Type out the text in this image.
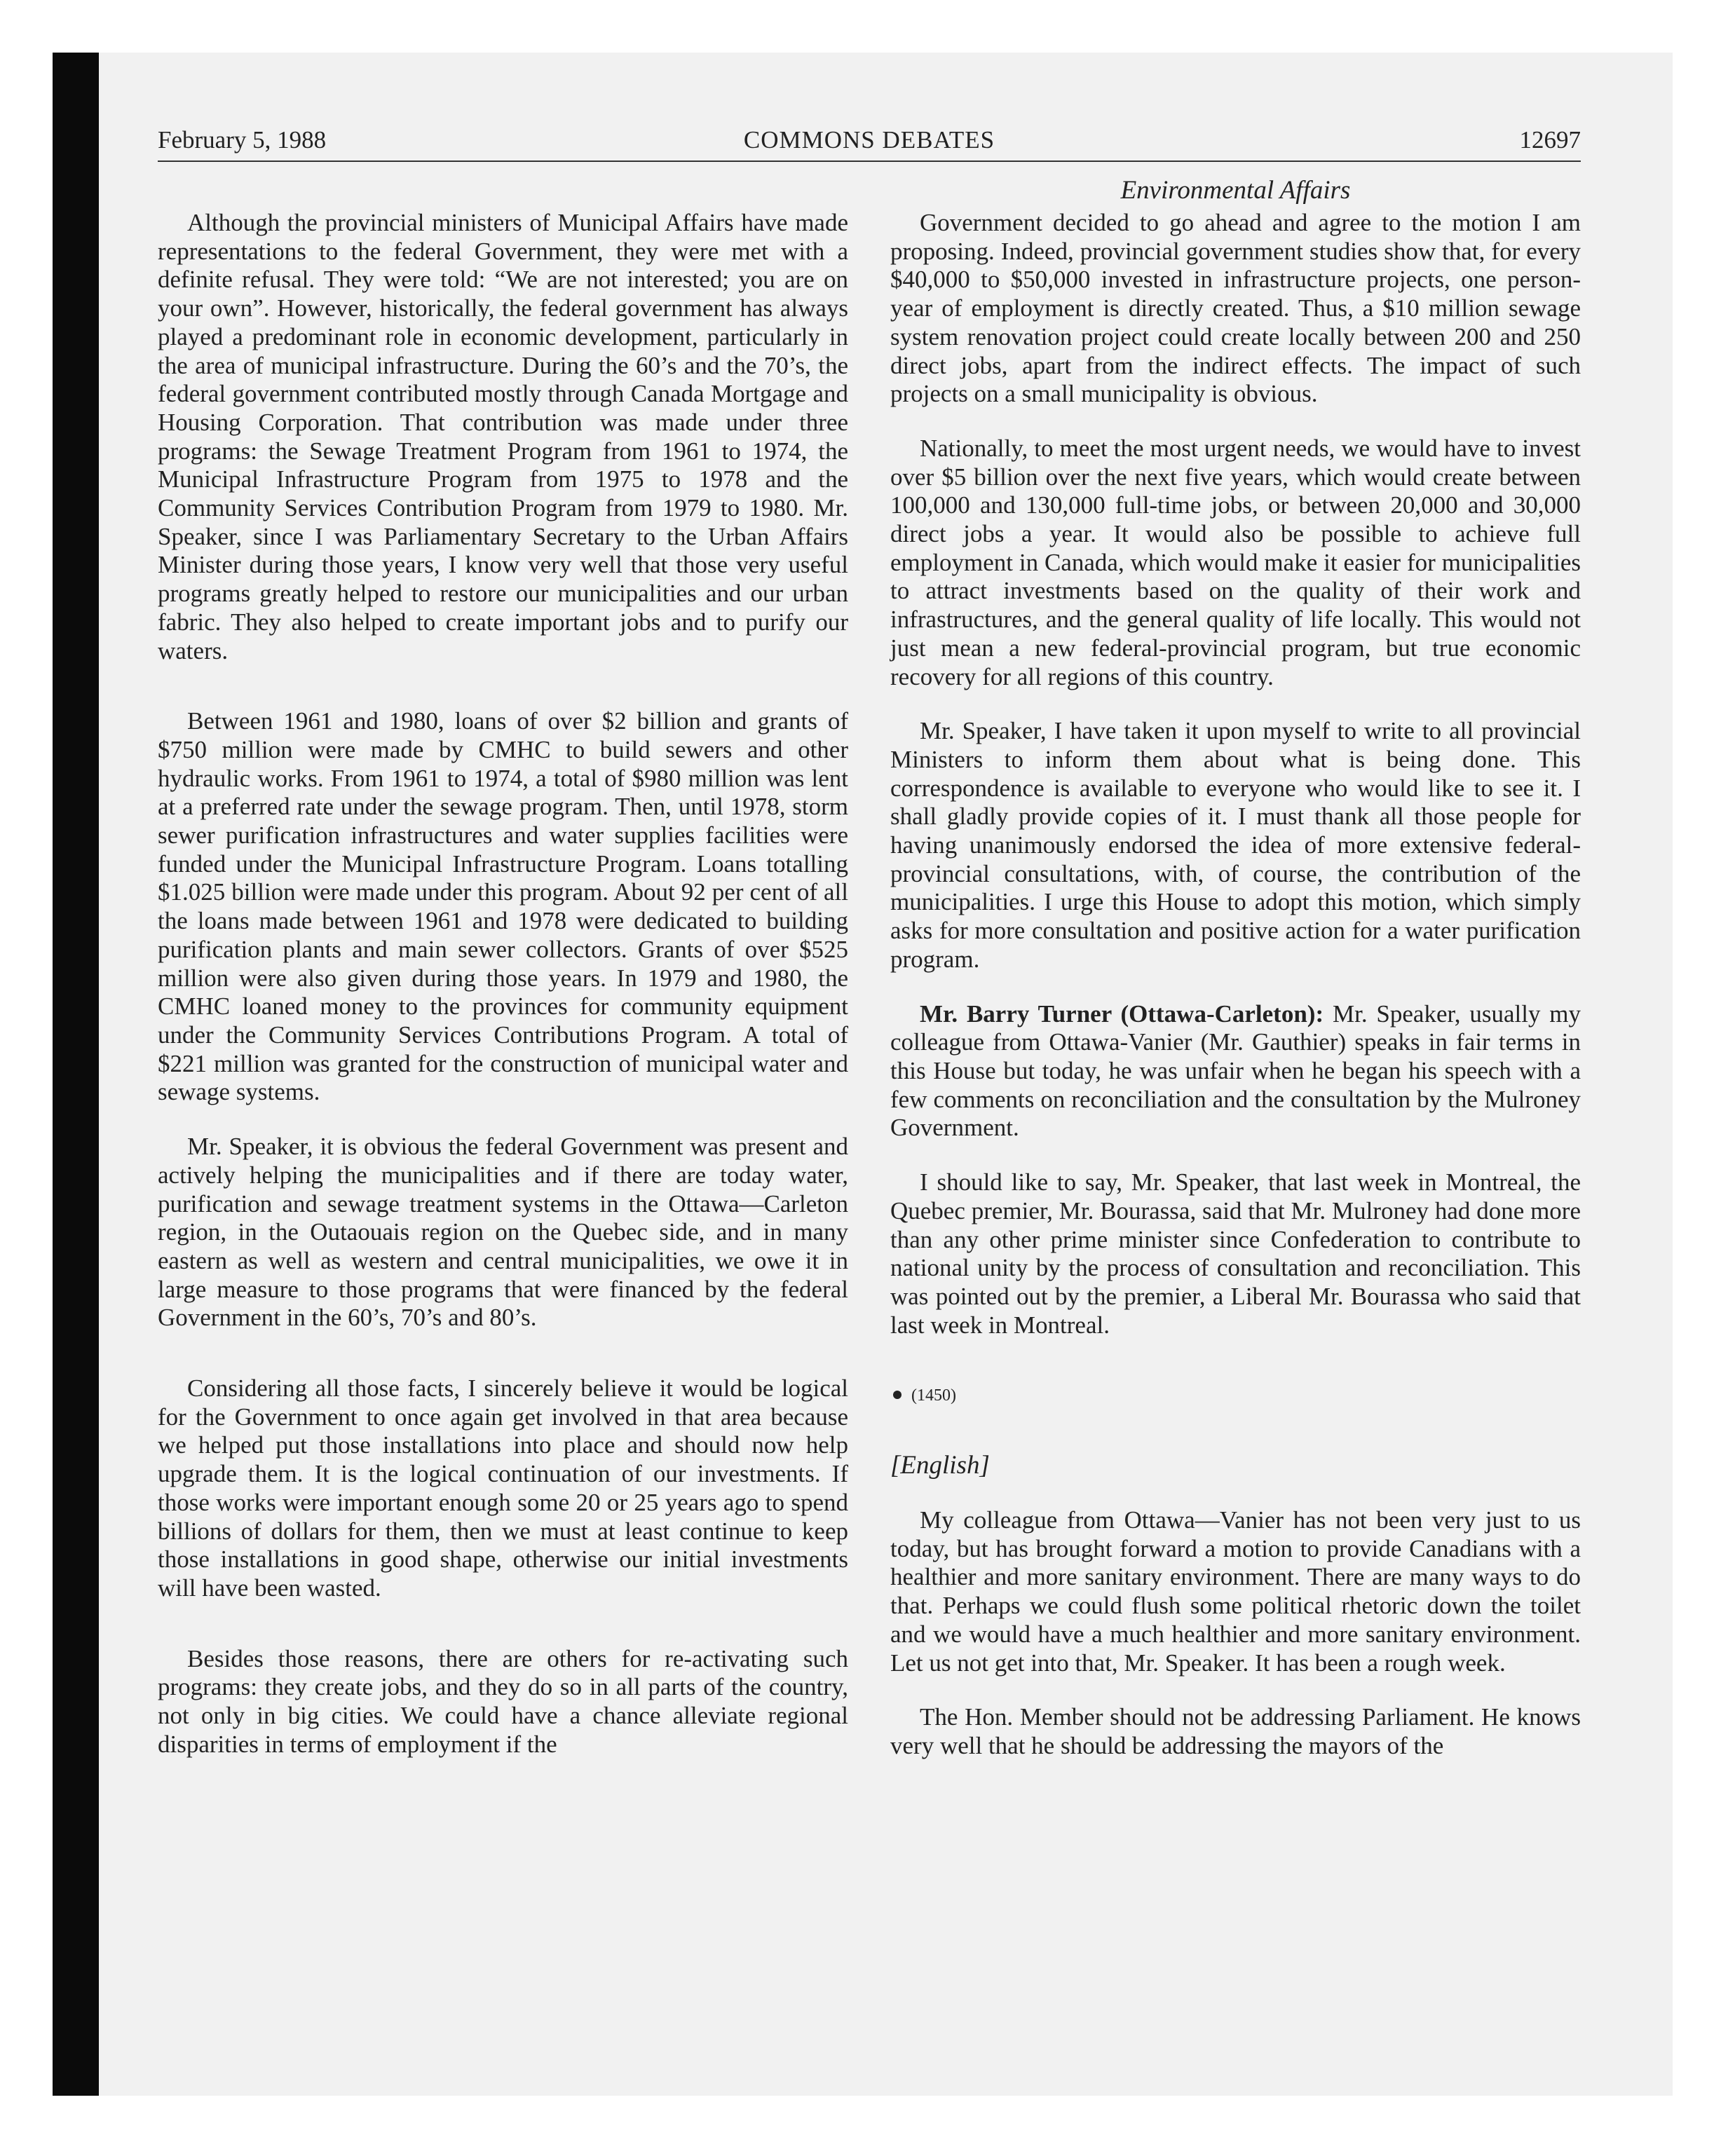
February 5, 1988	COMMONS DEBATES	12697
Environmental Affairs

Although the provincial ministers of Municipal Affairs have made representations to the federal Government, they were met with a definite refusal. They were told: “We are not interested; you are on your own”. However, historically, the federal government has always played a predominant role in economic development, particularly in the area of municipal infrastructure. During the 60’s and the 70’s, the federal government contributed mostly through Canada Mortgage and Housing Corporation. That contribution was made under three programs: the Sewage Treatment Program from 1961 to 1974, the Municipal Infrastructure Program from 1975 to 1978 and the Community Services Contribution Program from 1979 to 1980. Mr. Speaker, since I was Parliamentary Secretary to the Urban Affairs Minister during those years, I know very well that those very useful programs greatly helped to restore our municipalities and our urban fabric. They also helped to create important jobs and to purify our waters.

Between 1961 and 1980, loans of over $2 billion and grants of $750 million were made by CMHC to build sewers and other hydraulic works. From 1961 to 1974, a total of $980 million was lent at a preferred rate under the sewage program. Then, until 1978, storm sewer purification infrastructures and water supplies facilities were funded under the Municipal Infrastructure Program. Loans totalling $1.025 billion were made under this program. About 92 per cent of all the loans made between 1961 and 1978 were dedicated to building purification plants and main sewer collectors. Grants of over $525 million were also given during those years. In 1979 and 1980, the CMHC loaned money to the provinces for community equipment under the Community Services Contributions Program. A total of $221 million was granted for the construction of municipal water and sewage systems.

Mr. Speaker, it is obvious the federal Government was present and actively helping the municipalities and if there are today water, purification and sewage treatment systems in the Ottawa—Carleton region, in the Outaouais region on the Quebec side, and in many eastern as well as western and central municipalities, we owe it in large measure to those programs that were financed by the federal Government in the 60’s, 70’s and 80’s.

Considering all those facts, I sincerely believe it would be logical for the Government to once again get involved in that area because we helped put those installations into place and should now help upgrade them. It is the logical continuation of our investments. If those works were important enough some 20 or 25 years ago to spend billions of dollars for them, then we must at least continue to keep those installations in good shape, otherwise our initial investments will have been wasted.

Besides those reasons, there are others for re-activating such programs: they create jobs, and they do so in all parts of the country, not only in big cities. We could have a chance alleviate regional disparities in terms of employment if the

Government decided to go ahead and agree to the motion I am proposing. Indeed, provincial government studies show that, for every $40,000 to $50,000 invested in infrastructure projects, one person-year of employment is directly created. Thus, a $10 million sewage system renovation project could create locally between 200 and 250 direct jobs, apart from the indirect effects. The impact of such projects on a small municipality is obvious.

Nationally, to meet the most urgent needs, we would have to invest over $5 billion over the next five years, which would create between 100,000 and 130,000 full-time jobs, or between 20,000 and 30,000 direct jobs a year. It would also be possible to achieve full employment in Canada, which would make it easier for municipalities to attract investments based on the quality of their work and infrastructures, and the general quality of life locally. This would not just mean a new federal-provincial program, but true economic recovery for all regions of this country.

Mr. Speaker, I have taken it upon myself to write to all provincial Ministers to inform them about what is being done. This correspondence is available to everyone who would like to see it. I shall gladly provide copies of it. I must thank all those people for having unanimously endorsed the idea of more extensive federal-provincial consultations, with, of course, the contribution of the municipalities. I urge this House to adopt this motion, which simply asks for more consultation and positive action for a water purification program.

Mr. Barry Turner (Ottawa-Carleton): Mr. Speaker, usually my colleague from Ottawa-Vanier (Mr. Gauthier) speaks in fair terms in this House but today, he was unfair when he began his speech with a few comments on reconciliation and the consultation by the Mulroney Government.

I should like to say, Mr. Speaker, that last week in Montreal, the Quebec premier, Mr. Bourassa, said that Mr. Mulroney had done more than any other prime minister since Confederation to contribute to national unity by the process of consultation and reconciliation. This was pointed out by the premier, a Liberal Mr. Bourassa who said that last week in Montreal.

(1450)

[English]

My colleague from Ottawa—Vanier has not been very just to us today, but has brought forward a motion to provide Canadians with a healthier and more sanitary environment. There are many ways to do that. Perhaps we could flush some political rhetoric down the toilet and we would have a much healthier and more sanitary environment. Let us not get into that, Mr. Speaker. It has been a rough week.

The Hon. Member should not be addressing Parliament. He knows very well that he should be addressing the mayors of the
